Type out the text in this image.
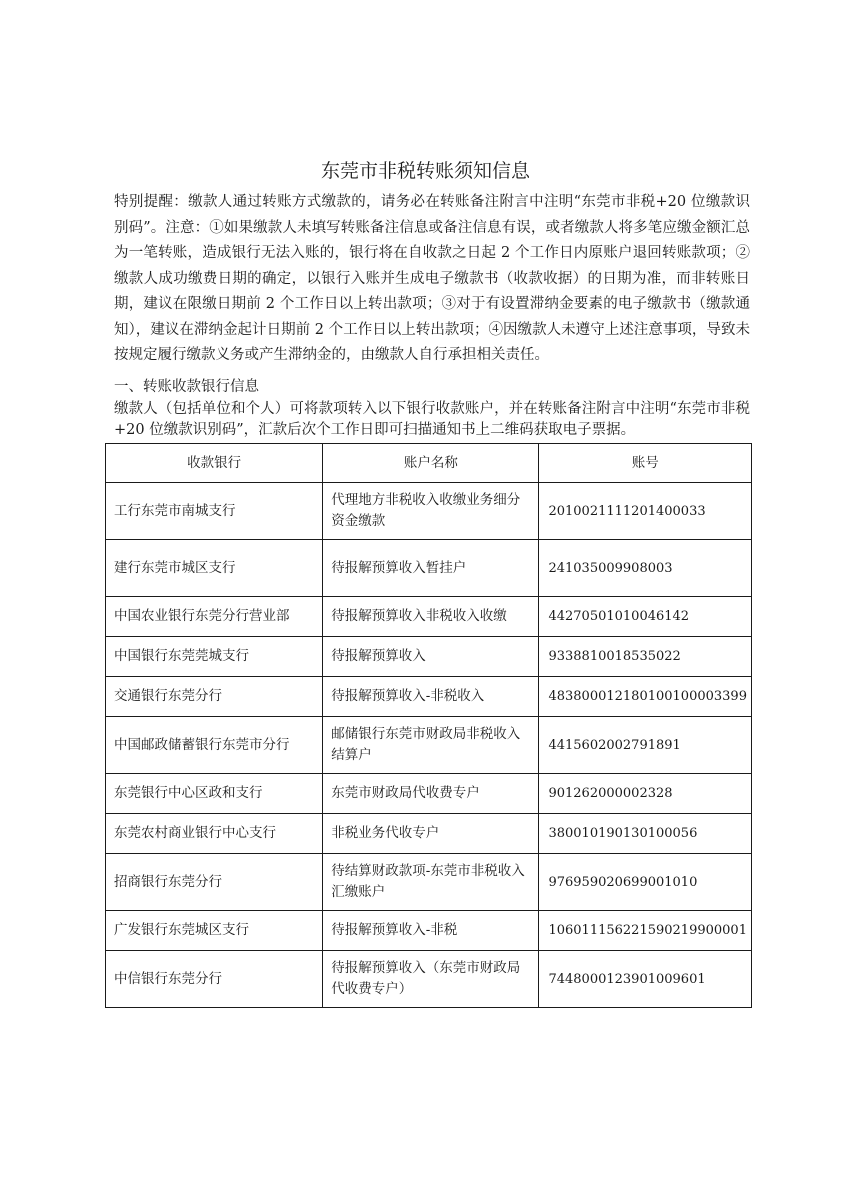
东莞市非税转账须知信息
特别提醒：缴款人通过转账方式缴款的，请务必在转账备注附言中注明“东莞市非税+20 位缴款识别码”。注意：①如果缴款人未填写转账备注信息或备注信息有误，或者缴款人将多笔应缴金额汇总为一笔转账，造成银行无法入账的，银行将在自收款之日起 2 个工作日内原账户退回转账款项；②缴款人成功缴费日期的确定，以银行入账并生成电子缴款书（收款收据）的日期为准，而非转账日期，建议在限缴日期前 2 个工作日以上转出款项；③对于有设置滞纳金要素的电子缴款书（缴款通知），建议在滞纳金起计日期前 2 个工作日以上转出款项；④因缴款人未遵守上述注意事项，导致未按规定履行缴款义务或产生滞纳金的，由缴款人自行承担相关责任。
一、转账收款银行信息
缴款人（包括单位和个人）可将款项转入以下银行收款账户，并在转账备注附言中注明“东莞市非税+20 位缴款识别码”，汇款后次个工作日即可扫描通知书上二维码获取电子票据。
收款银行	账户名称	账号
工行东莞市南城支行	代理地方非税收入收缴业务细分资金缴款	2010021111201400033
建行东莞市城区支行	待报解预算收入暂挂户	241035009908003
中国农业银行东莞分行营业部	待报解预算收入非税收入收缴	44270501010046142
中国银行东莞莞城支行	待报解预算收入	9338810018535022
交通银行东莞分行	待报解预算收入-非税收入	483800012180100100003399
中国邮政储蓄银行东莞市分行	邮储银行东莞市财政局非税收入结算户	4415602002791891
东莞银行中心区政和支行	东莞市财政局代收费专户	901262000002328
东莞农村商业银行中心支行	非税业务代收专户	380010190130100056
招商银行东莞分行	待结算财政款项-东莞市非税收入汇缴账户	976959020699001010
广发银行东莞城区支行	待报解预算收入-非税	106011156221590219900001
中信银行东莞分行	待报解预算收入（东莞市财政局代收费专户）	7448000123901009601
